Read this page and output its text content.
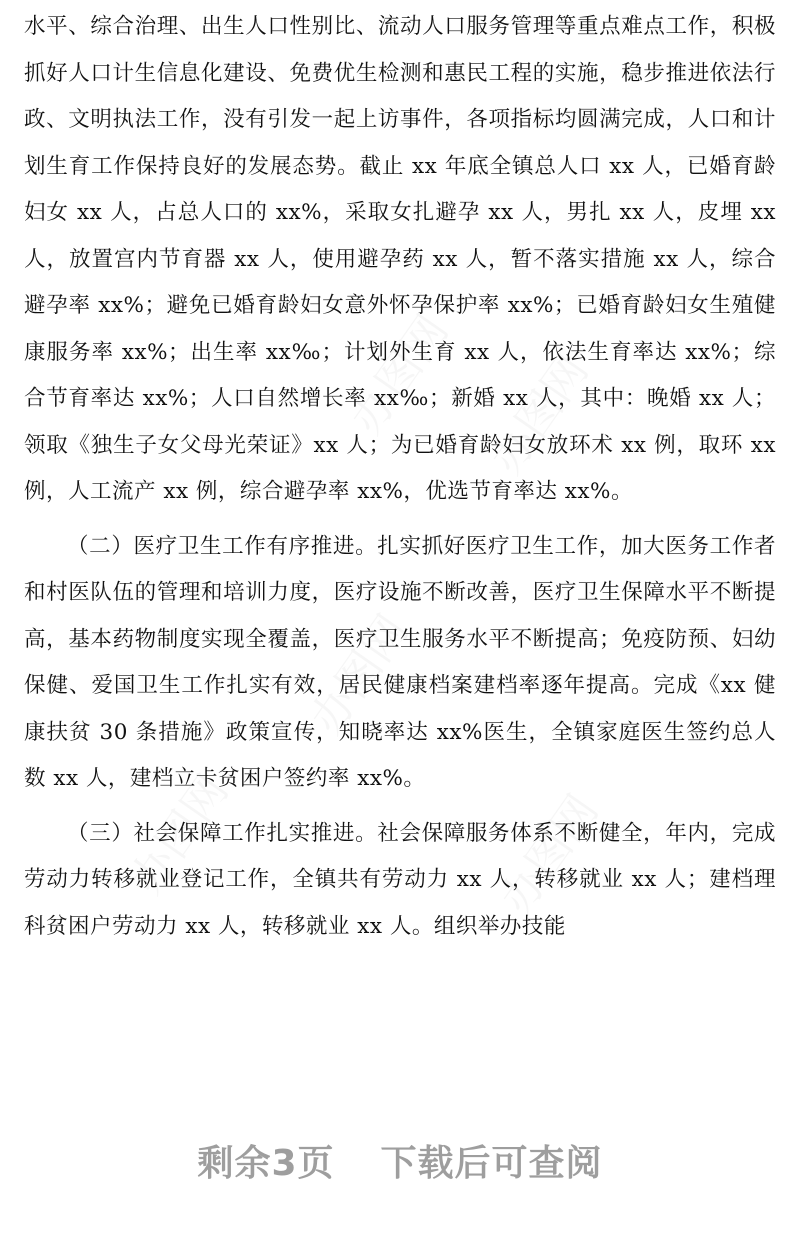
水平、综合治理、出生人口性别比、流动人口服务管理等重点难点工作，积极抓好人口计生信息化建设、免费优生检测和惠民工程的实施，稳步推进依法行政、文明执法工作，没有引发一起上访事件，各项指标均圆满完成，人口和计划生育工作保持良好的发展态势。截止 xx 年底全镇总人口 xx 人，已婚育龄妇女 xx 人，占总人口的 xx%，采取女扎避孕 xx 人，男扎 xx 人，皮埋 xx 人，放置宫内节育器 xx 人，使用避孕药 xx 人，暂不落实措施 xx 人，综合避孕率 xx%；避免已婚育龄妇女意外怀孕保护率 xx%；已婚育龄妇女生殖健康服务率 xx%；出生率 xx‰；计划外生育 xx 人，依法生育率达 xx%；综合节育率达 xx%；人口自然增长率 xx‰；新婚 xx 人，其中：晚婚 xx 人；领取《独生子女父母光荣证》xx 人；为已婚育龄妇女放环术 xx 例，取环 xx 例，人工流产 xx 例，综合避孕率 xx%，优选节育率达 xx%。

（二）医疗卫生工作有序推进。扎实抓好医疗卫生工作，加大医务工作者和村医队伍的管理和培训力度，医疗设施不断改善，医疗卫生保障水平不断提高，基本药物制度实现全覆盖，医疗卫生服务水平不断提高；免疫防预、妇幼保健、爱国卫生工作扎实有效，居民健康档案建档率逐年提高。完成《xx 健康扶贫 30 条措施》政策宣传，知晓率达 xx%医生，全镇家庭医生签约总人数 xx 人，建档立卡贫困户签约率 xx%。

（三）社会保障工作扎实推进。社会保障服务体系不断健全，年内，完成劳动力转移就业登记工作，全镇共有劳动力 xx 人，转移就业 xx 人；建档理科贫困户劳动力 xx 人，转移就业 xx 人。组织举办技能

剩余3页 下载后可查阅
